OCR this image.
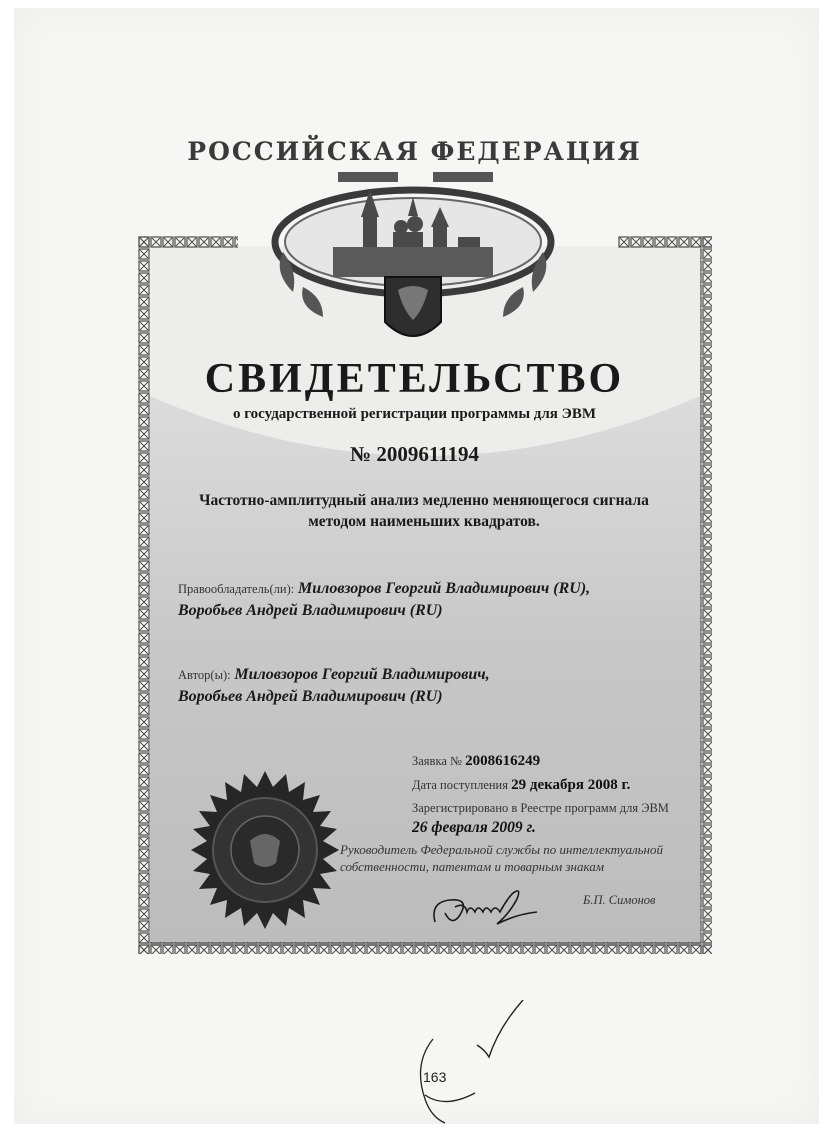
РОССИЙСКАЯ ФЕДЕРАЦИЯ
СВИДЕТЕЛЬСТВО
о государственной регистрации программы для ЭВМ
№ 2009611194
Частотно-амплитудный анализ медленно меняющегося сигнала
методом наименьших квадратов.
Правообладатель(ли): Миловзоров Георгий Владимирович (RU),
Воробьев Андрей Владимирович (RU)
Автор(ы): Миловзоров Георгий Владимирович,
Воробьев Андрей Владимирович (RU)
Заявка № 2008616249
Дата поступления 29 декабря 2008 г.
Зарегистрировано в Реестре программ для ЭВМ
26 февраля 2009 г.
Руководитель Федеральной службы по интеллектуальной
собственности, патентам и товарным знакам
Б.П. Симонов
163
